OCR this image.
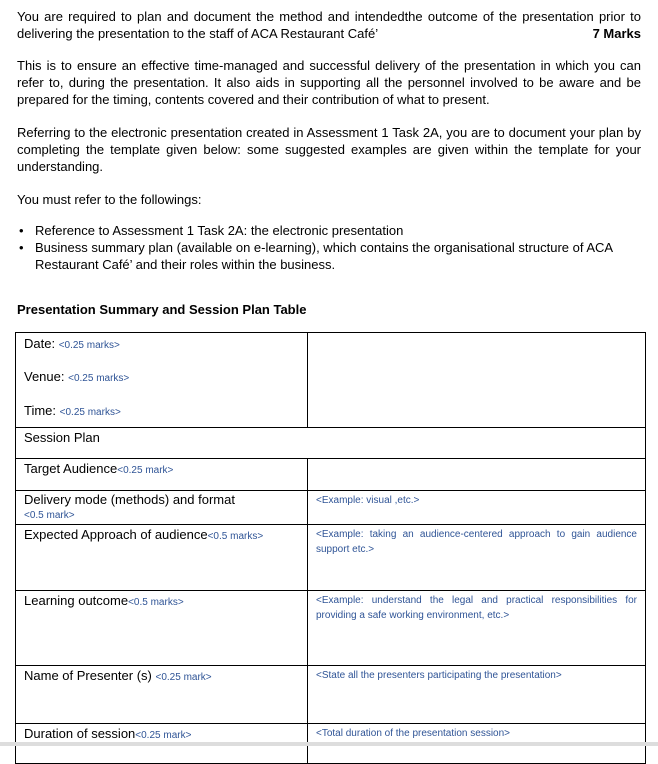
You are required to plan and document the method and intendedthe outcome of the presentation prior to delivering the presentation to the staff of ACA Restaurant Café’	7 Marks

This is to ensure an effective time-managed and successful delivery of the presentation in which you can refer to, during the presentation. It also aids in supporting all the personnel involved to be aware and be prepared for the timing, contents covered and their contribution of what to present.

Referring to the electronic presentation created in Assessment 1 Task 2A, you are to document your plan by completing the template given below: some suggested examples are given within the template for your understanding.

You must refer to the followings:

• Reference to Assessment 1 Task 2A: the electronic presentation
• Business summary plan (available on e-learning), which contains the organisational structure of ACA Restaurant Café’ and their roles within the business.

Presentation Summary and Session Plan Table

Date: <0.25 marks>
Venue: <0.25 marks>
Time: <0.25 marks>	

Session Plan	
Target Audience<0.25 mark>	

Delivery mode (methods) and format
<0.5 mark>	<Example: visual ,etc.>

Expected Approach of audience<0.5 marks>	<Example: taking an audience-centered approach to gain audience support etc.>

Learning outcome<0.5 marks>	<Example: understand the legal and practical responsibilities for providing a safe working environment, etc.>

Name of Presenter (s) <0.25 mark>	<State all the presenters participating the presentation>

Duration of session<0.25 mark>	<Total duration of the presentation session>
